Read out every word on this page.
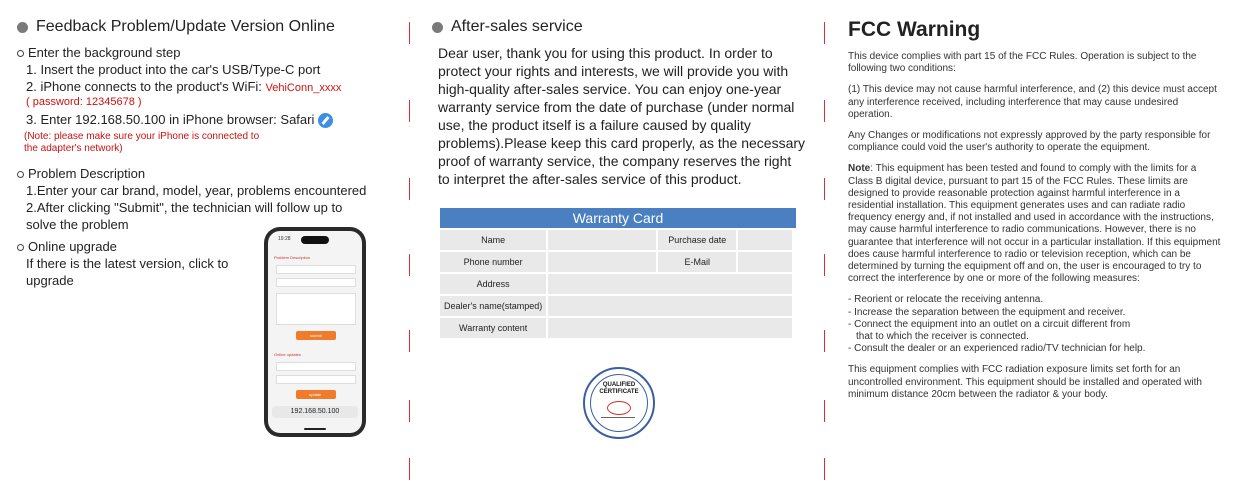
Feedback Problem/Update Version Online
Enter the background step
1. Insert the product into the car's USB/Type-C port
2. iPhone connects to the product's WiFi: VehiConn_xxxx
( password: 12345678 )
3. Enter 192.168.50.100 in iPhone browser: Safari
(Note: please make sure your iPhone is connected to
the adapter's network)
Problem Description
1.Enter your car brand, model, year, problems encountered
2.After clicking "Submit", the technician will follow up to
solve the problem
Online upgrade
If there is the latest version, click to
upgrade
19:28
Problem Description
submit
Online updates
update
192.168.50.100
After-sales service
Dear user, thank you for using this product. In order to
protect your rights and interests, we will provide you with
high-quality after-sales service. You can enjoy one-year
warranty service from the date of purchase (under normal
use, the product itself is a failure caused by quality
problems).Please keep this card properly, as the necessary
proof of warranty service, the company reserves the right
to interpret the after-sales service of this product.
Warranty Card
Name		Purchase date	
Phone number		E-Mail	
Address			
Dealer's name(stamped)			
Warranty content			
QUALIFIED
CERTIFICATE
FCC Warning

This device complies with part 15 of the FCC Rules. Operation is subject to the following two conditions:

(1) This device may not cause harmful interference, and (2) this device must accept any interference received, including interference that may cause undesired operation.

Any Changes or modifications not expressly approved by the party responsible for compliance could void the user's authority to operate the equipment.

Note: This equipment has been tested and found to comply with the limits for a Class B digital device, pursuant to part 15 of the FCC Rules. These limits are designed to provide reasonable protection against harmful interference in a residential installation. This equipment generates uses and can radiate radio frequency energy and, if not installed and used in accordance with the instructions, may cause harmful interference to radio communications. However, there is no guarantee that interference will not occur in a particular installation. If this equipment does cause harmful interference to radio or television reception, which can be determined by turning the equipment off and on, the user is encouraged to try to correct the interference by one or more of the following measures:

- Reorient or relocate the receiving antenna.

- Increase the separation between the equipment and receiver.

- Connect the equipment into an outlet on a circuit different from

that to which the receiver is connected.

- Consult the dealer or an experienced radio/TV technician for help.

This equipment complies with FCC radiation exposure limits set forth for an uncontrolled environment. This equipment should be installed and operated with minimum distance 20cm between the radiator & your body.
